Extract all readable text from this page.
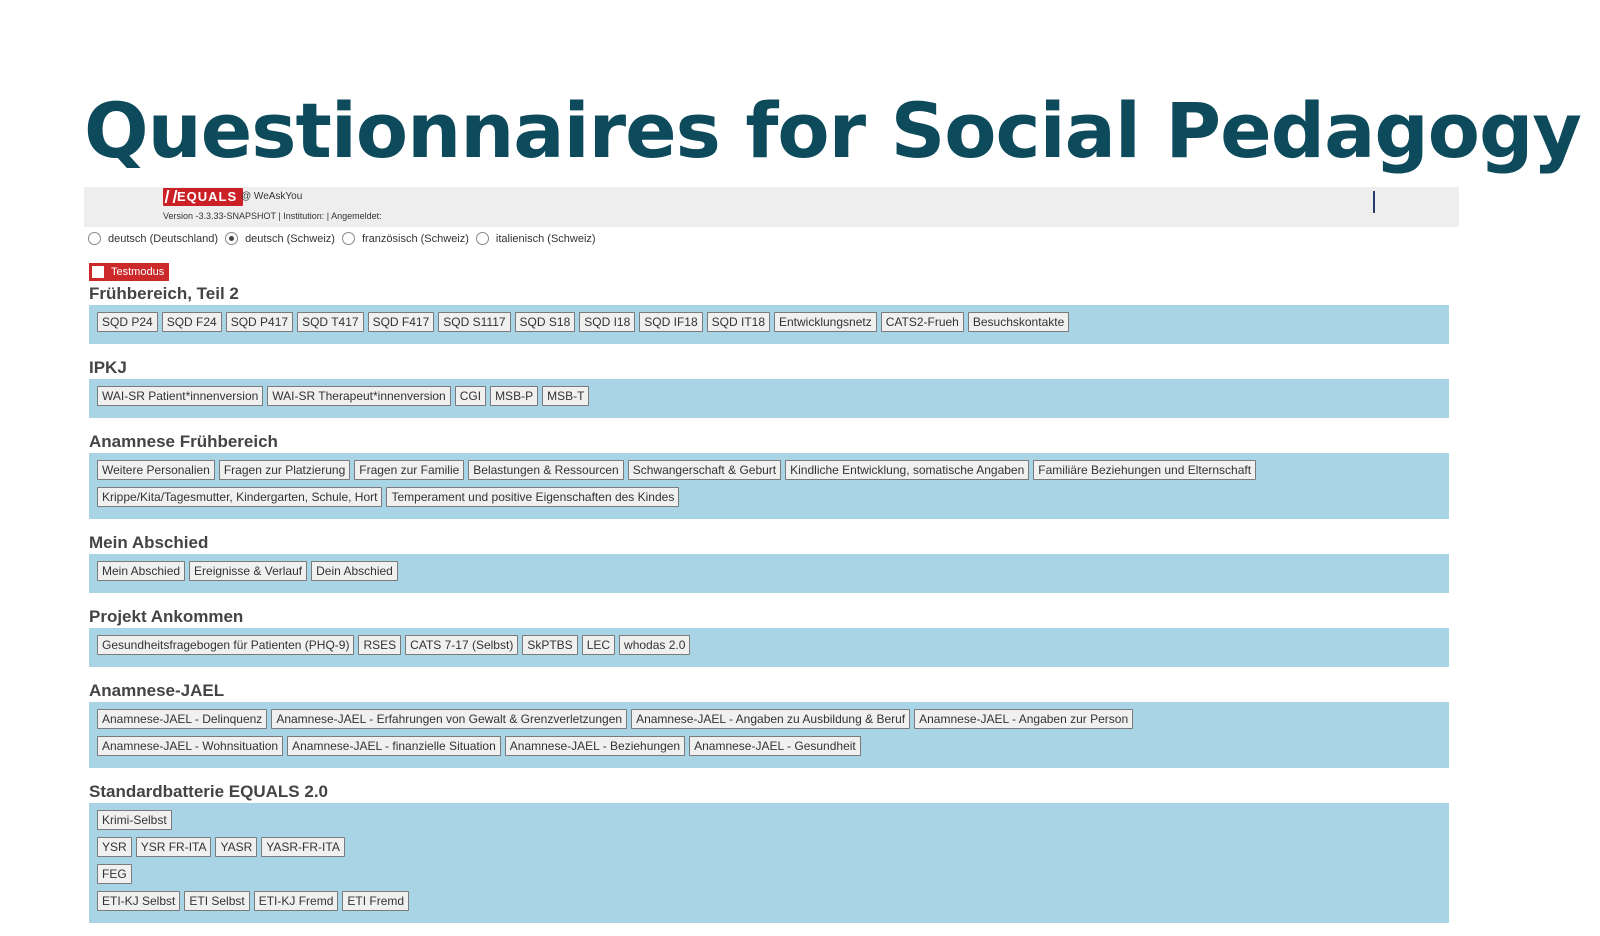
Questionnaires for Social Pedagogy
EQUALS @ WeAskYou
Version -3.3.33-SNAPSHOT | Institution: | Angemeldet:
deutsch (Deutschland) deutsch (Schweiz) französisch (Schweiz) italienisch (Schweiz)
Testmodus
Frühbereich, Teil 2
SQD P24	SQD F24	SQD P417	SQD T417	SQD F417	SQD S1117	SQD S18	SQD I18	SQD IF18	SQD IT18	Entwicklungsnetz	CATS2-Frueh	Besuchskontakte
IPKJ
WAI-SR Patient*innenversion	WAI-SR Therapeut*innenversion	CGI	MSB-P	MSB-T
Anamnese Frühbereich
Weitere Personalien	Fragen zur Platzierung	Fragen zur Familie	Belastungen & Ressourcen	Schwangerschaft & Geburt	Kindliche Entwicklung, somatische Angaben	Familiäre Beziehungen und Elternschaft
Krippe/Kita/Tagesmutter, Kindergarten, Schule, Hort	Temperament und positive Eigenschaften des Kindes
Mein Abschied
Mein Abschied	Ereignisse & Verlauf	Dein Abschied
Projekt Ankommen
Gesundheitsfragebogen für Patienten (PHQ-9)	RSES	CATS 7-17 (Selbst)	SkPTBS	LEC	whodas 2.0
Anamnese-JAEL
Anamnese-JAEL - Delinquenz	Anamnese-JAEL - Erfahrungen von Gewalt & Grenzverletzungen	Anamnese-JAEL - Angaben zu Ausbildung & Beruf	Anamnese-JAEL - Angaben zur Person
Anamnese-JAEL - Wohnsituation	Anamnese-JAEL - finanzielle Situation	Anamnese-JAEL - Beziehungen	Anamnese-JAEL - Gesundheit
Standardbatterie EQUALS 2.0
Krimi-Selbst
YSR	YSR FR-ITA	YASR	YASR-FR-ITA
FEG
ETI-KJ Selbst	ETI Selbst	ETI-KJ Fremd	ETI Fremd
